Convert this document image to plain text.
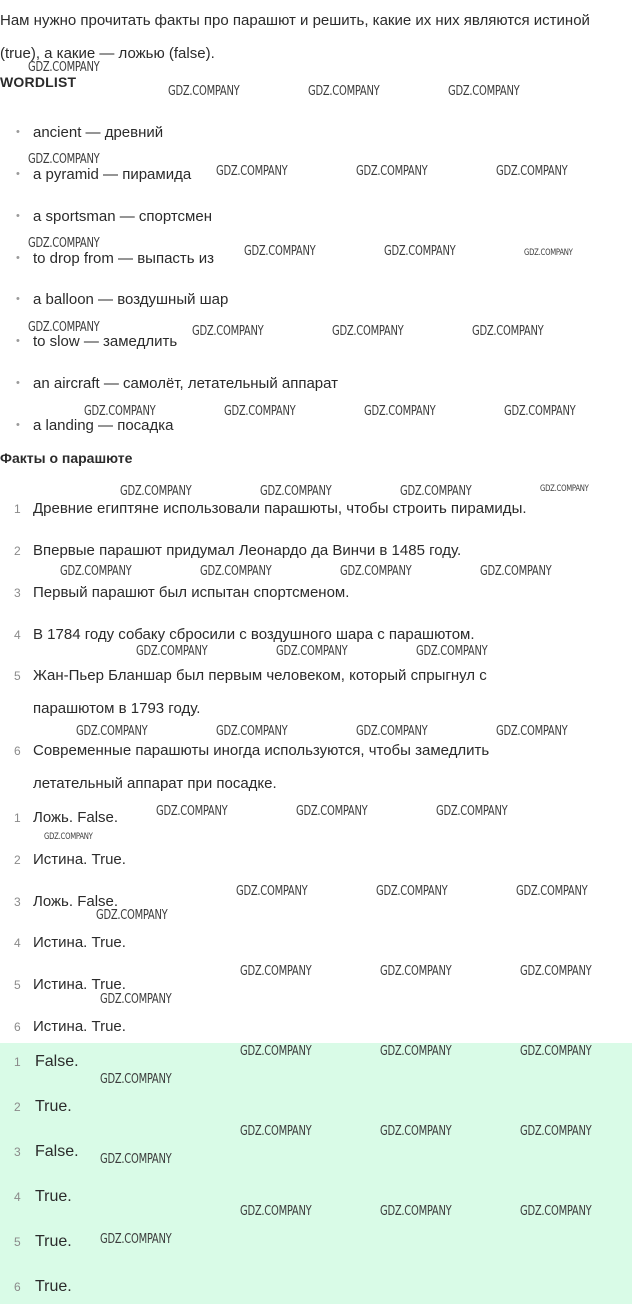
Нам нужно прочитать факты про парашют и решить, какие их них являются истиной (true), а какие — ложью (false).
WORDLIST
• ancient — древний
• a pyramid — пирамида
• a sportsman — спортсмен
• to drop from — выпасть из
• a balloon — воздушный шар
• to slow — замедлить
• an aircraft — самолёт, летательный аппарат
• a landing — посадка
Факты о парашюте
1 Древние египтяне использовали парашюты, чтобы строить пирамиды.
2 Впервые парашют придумал Леонардо да Винчи в 1485 году.
3 Первый парашют был испытан спортсменом.
4 В 1784 году собаку сбросили с воздушного шара с парашютом.
5 Жан-Пьер Бланшар был первым человеком, который спрыгнул с парашютом в 1793 году.
6 Современные парашюты иногда используются, чтобы замедлить летательный аппарат при посадке.
1 Ложь. False.
2 Истина. True.
3 Ложь. False.
4 Истина. True.
5 Истина. True.
6 Истина. True.
1 False.
2 True.
3 False.
4 True.
5 True.
6 True.
GDZ.COMPANY
GDZ.COMPANY	GDZ.COMPANY	GDZ.COMPANY
GDZ.COMPANY
GDZ.COMPANY	GDZ.COMPANY	GDZ.COMPANY
GDZ.COMPANY
GDZ.COMPANY	GDZ.COMPANY	GDZ.COMPANY
GDZ.COMPANY	GDZ.COMPANY	GDZ.COMPANY	GDZ.COMPANY
GDZ.COMPANY	GDZ.COMPANY	GDZ.COMPANY	GDZ.COMPANY
GDZ.COMPANY	GDZ.COMPANY	GDZ.COMPANY	GDZ.COMPANY
GDZ.COMPANY	GDZ.COMPANY	GDZ.COMPANY	GDZ.COMPANY
GDZ.COMPANY	GDZ.COMPANY	GDZ.COMPANY
GDZ.COMPANY	GDZ.COMPANY	GDZ.COMPANY	GDZ.COMPANY
GDZ.COMPANY	GDZ.COMPANY	GDZ.COMPANY
GDZ.COMPANY
GDZ.COMPANY	GDZ.COMPANY	GDZ.COMPANY
GDZ.COMPANY
GDZ.COMPANY	GDZ.COMPANY	GDZ.COMPANY
GDZ.COMPANY
GDZ.COMPANY	GDZ.COMPANY	GDZ.COMPANY
GDZ.COMPANY
GDZ.COMPANY	GDZ.COMPANY	GDZ.COMPANY
GDZ.COMPANY
GDZ.COMPANY	GDZ.COMPANY	GDZ.COMPANY
GDZ.COMPANY
